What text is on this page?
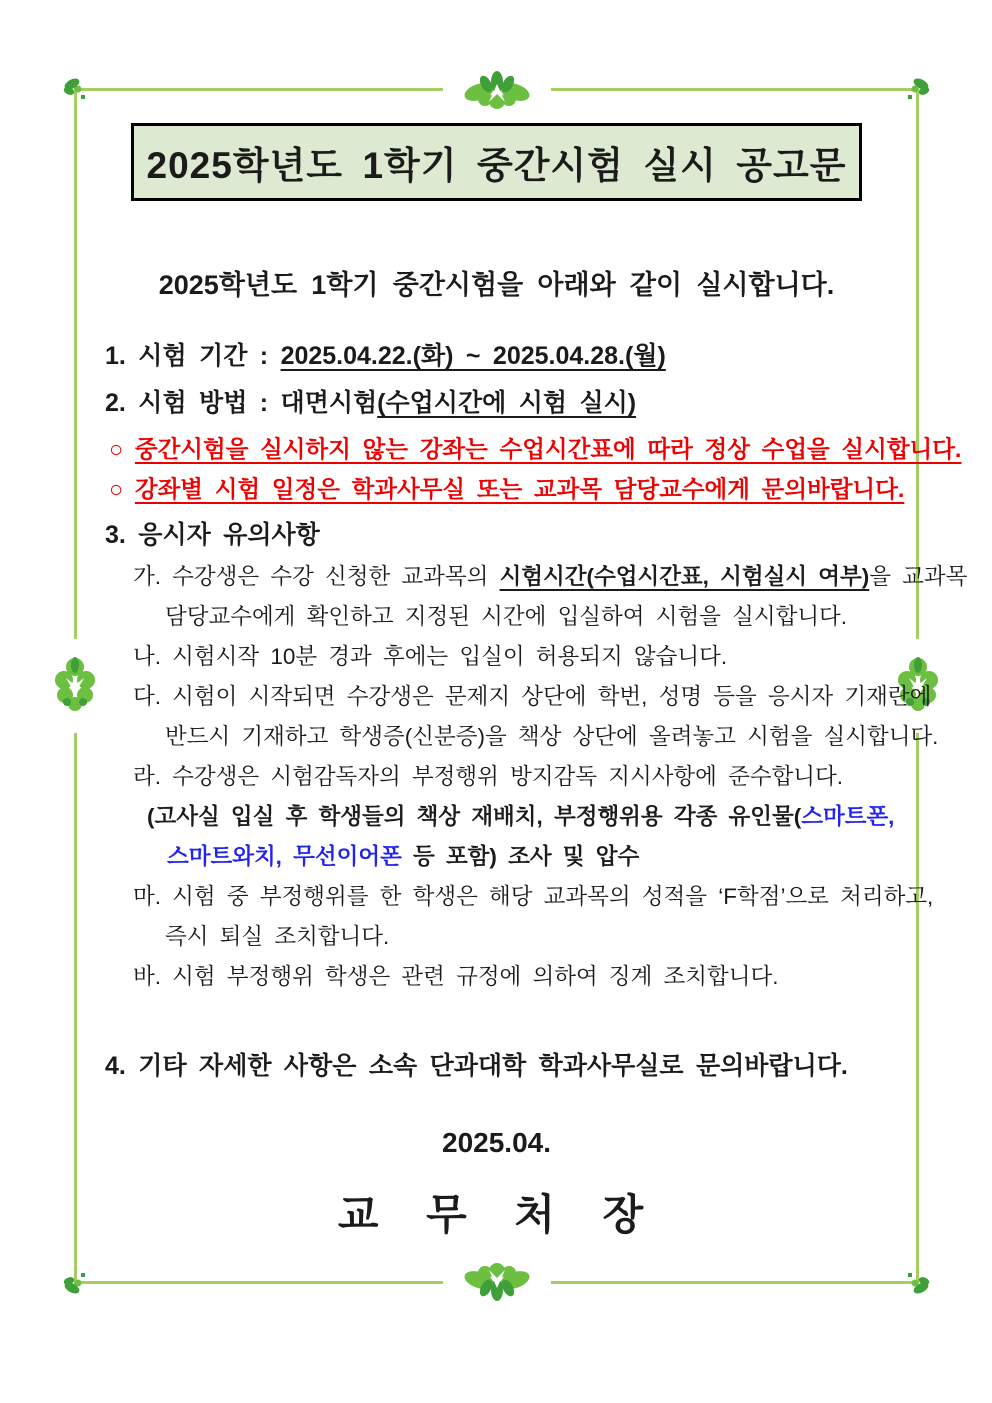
2025학년도 1학기 중간시험 실시 공고문
2025학년도 1학기 중간시험을 아래와 같이 실시합니다.
1. 시험 기간 : 2025.04.22.(화) ~ 2025.04.28.(월)
2. 시험 방법 : 대면시험(수업시간에 시험 실시)
○ 중간시험을 실시하지 않는 강좌는 수업시간표에 따라 정상 수업을 실시합니다.
○ 강좌별 시험 일정은 학과사무실 또는 교과목 담당교수에게 문의바랍니다.
3. 응시자 유의사항
가. 수강생은 수강 신청한 교과목의 시험시간(수업시간표, 시험실시 여부)을 교과목
담당교수에게 확인하고 지정된 시간에 입실하여 시험을 실시합니다.
나. 시험시작 10분 경과 후에는 입실이 허용되지 않습니다.
다. 시험이 시작되면 수강생은 문제지 상단에 학번, 성명 등을 응시자 기재란에
반드시 기재하고 학생증(신분증)을 책상 상단에 올려놓고 시험을 실시합니다.
라. 수강생은 시험감독자의 부정행위 방지감독 지시사항에 준수합니다.
(고사실 입실 후 학생들의 책상 재배치, 부정행위용 각종 유인물(스마트폰,
스마트와치, 무선이어폰 등 포함) 조사 및 압수
마. 시험 중 부정행위를 한 학생은 해당 교과목의 성적을 ‘F학점’으로 처리하고,
즉시 퇴실 조치합니다.
바. 시험 부정행위 학생은 관련 규정에 의하여 징계 조치합니다.
4. 기타 자세한 사항은 소속 단과대학 학과사무실로 문의바랍니다.
2025.04.
교 무 처 장
